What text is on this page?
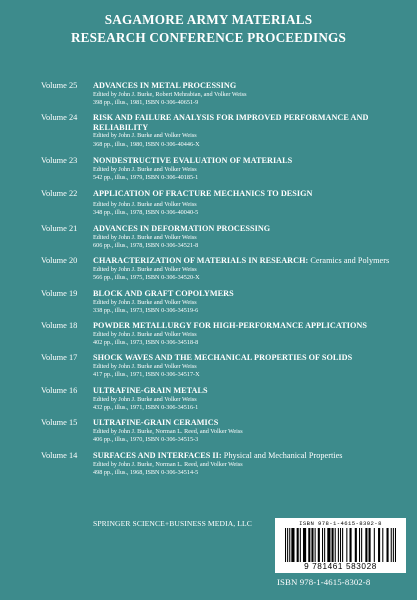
SAGAMORE ARMY MATERIALS
RESEARCH CONFERENCE PROCEEDINGS
Volume 25 ADVANCES IN METAL PROCESSING
Edited by John J. Burke, Robert Mehrabian, and Volker Weiss
398 pp., illus., 1981, ISBN 0-306-40651-9
Volume 24 RISK AND FAILURE ANALYSIS FOR IMPROVED PERFORMANCE AND RELIABILITY
Edited by John J. Burke and Volker Weiss
368 pp., illus., 1980, ISBN 0-306-40446-X
Volume 23 NONDESTRUCTIVE EVALUATION OF MATERIALS
Edited by John J. Burke and Volker Weiss
542 pp., illus., 1979, ISBN 0-306-40185-1
Volume 22 APPLICATION OF FRACTURE MECHANICS TO DESIGN
Edited by John J. Burke and Volker Weiss
348 pp., illus., 1978, ISBN 0-306-40040-5
Volume 21 ADVANCES IN DEFORMATION PROCESSING
Edited by John J. Burke and Volker Weiss
606 pp., illus., 1978, ISBN 0-306-34521-8
Volume 20 CHARACTERIZATION OF MATERIALS IN RESEARCH: Ceramics and Polymers
Edited by John J. Burke and Volker Weiss
566 pp., illus., 1975, ISBN 0-306-34520-X
Volume 19 BLOCK AND GRAFT COPOLYMERS
Edited by John J. Burke and Volker Weiss
338 pp., illus., 1973, ISBN 0-306-34519-6
Volume 18 POWDER METALLURGY FOR HIGH-PERFORMANCE APPLICATIONS
Edited by John J. Burke and Volker Weiss
402 pp., illus., 1973, ISBN 0-306-34518-8
Volume 17 SHOCK WAVES AND THE MECHANICAL PROPERTIES OF SOLIDS
Edited by John J. Burke and Volker Weiss
417 pp., illus., 1971, ISBN 0-306-34517-X
Volume 16 ULTRAFINE-GRAIN METALS
Edited by John J. Burke and Volker Weiss
432 pp., illus., 1971, ISBN 0-306-34516-1
Volume 15 ULTRAFINE-GRAIN CERAMICS
Edited by John J. Burke, Norman L. Reed, and Volker Weiss
406 pp., illus., 1970, ISBN 0-306-34515-3
Volume 14 SURFACES AND INTERFACES II: Physical and Mechanical Properties
Edited by John J. Burke, Norman L. Reed, and Volker Weiss
498 pp., illus., 1968, ISBN 0-306-34514-5
SPRINGER SCIENCE+BUSINESS MEDIA, LLC	ISBN 978-1-4615-8302-8
9 781461 583028
ISBN 978-1-4615-8302-8
